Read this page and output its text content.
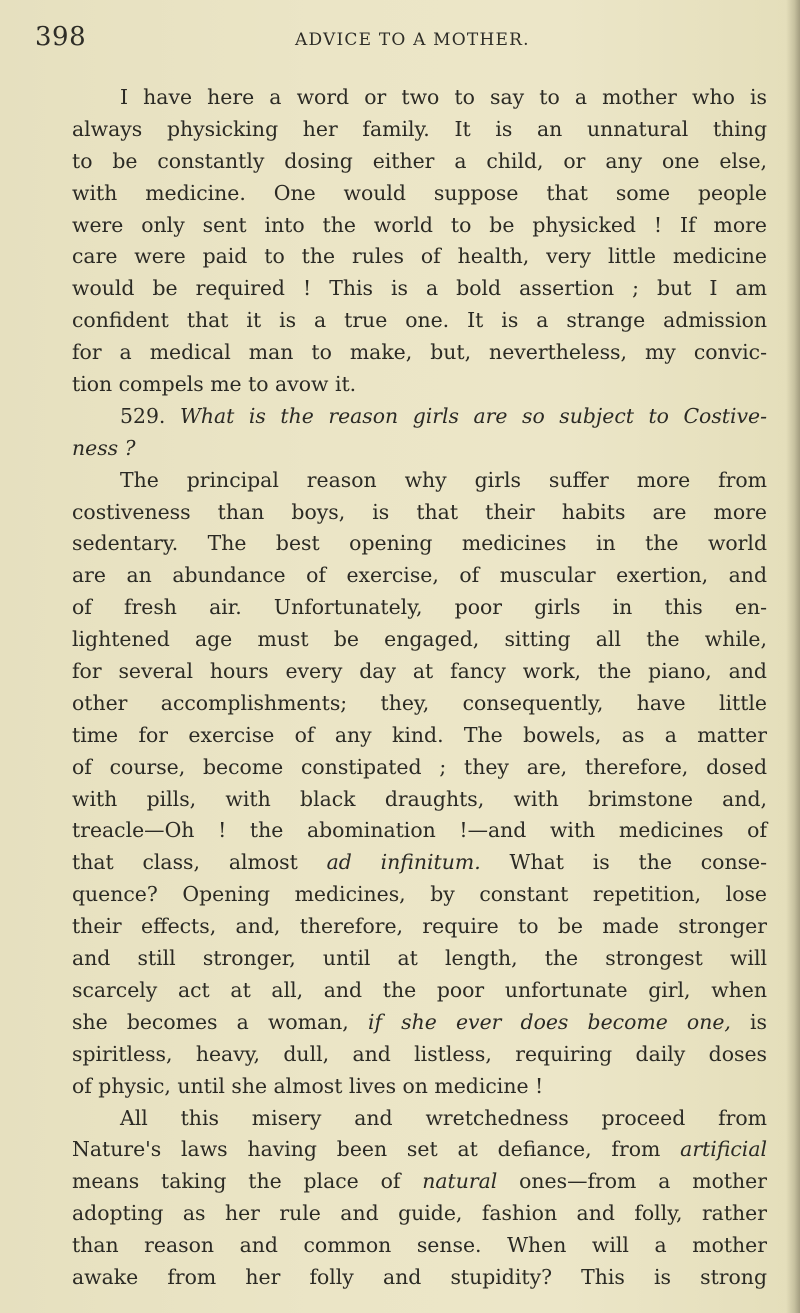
398	ADVICE TO A MOTHER.
I have here a word or two to say to a mother who is
always physicking her family. It is an unnatural thing
to be constantly dosing either a child, or any one else,
with medicine. One would suppose that some people
were only sent into the world to be physicked ! If more
care were paid to the rules of health, very little medicine
would be required ! This is a bold assertion ; but I am
confident that it is a true one. It is a strange admission
for a medical man to make, but, nevertheless, my convic-
tion compels me to avow it.
529. What is the reason girls are so subject to Costive-
ness ?
The principal reason why girls suffer more from
costiveness than boys, is that their habits are more
sedentary. The best opening medicines in the world
are an abundance of exercise, of muscular exertion, and
of fresh air. Unfortunately, poor girls in this en-
lightened age must be engaged, sitting all the while,
for several hours every day at fancy work, the piano, and
other accomplishments; they, consequently, have little
time for exercise of any kind. The bowels, as a matter
of course, become constipated ; they are, therefore, dosed
with pills, with black draughts, with brimstone and,
treacle—Oh ! the abomination !—and with medicines of
that class, almost ad infinitum. What is the conse-
quence? Opening medicines, by constant repetition, lose
their effects, and, therefore, require to be made stronger
and still stronger, until at length, the strongest will
scarcely act at all, and the poor unfortunate girl, when
she becomes a woman, if she ever does become one, is
spiritless, heavy, dull, and listless, requiring daily doses
of physic, until she almost lives on medicine !
All this misery and wretchedness proceed from
Nature's laws having been set at defiance, from artificial
means taking the place of natural ones—from a mother
adopting as her rule and guide, fashion and folly, rather
than reason and common sense. When will a mother
awake from her folly and stupidity? This is strong
